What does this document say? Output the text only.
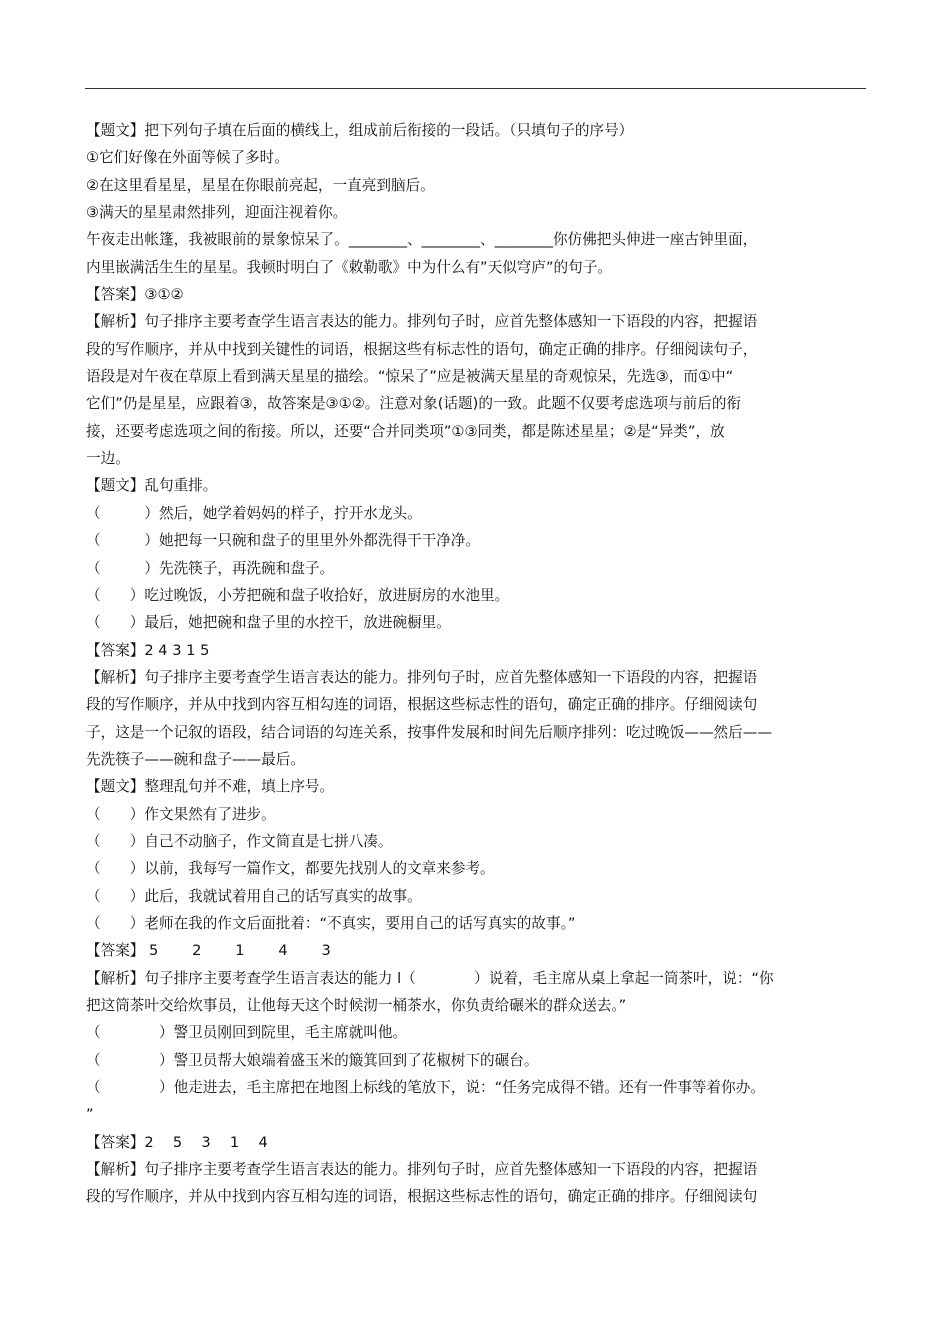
【题文】把下列句子填在后面的横线上，组成前后衔接的一段话。（只填句子的序号）
①它们好像在外面等候了多时。
②在这里看星星，星星在你眼前亮起，一直亮到脑后。
③满天的星星肃然排列，迎面注视着你。
午夜走出帐篷，我被眼前的景象惊呆了。________、________、________你仿佛把头伸进一座古钟里面，
内里嵌满活生生的星星。我顿时明白了《敕勒歌》中为什么有”天似穹庐”的句子。
【答案】③①②
【解析】句子排序主要考查学生语言表达的能力。排列句子时，应首先整体感知一下语段的内容，把握语
段的写作顺序，并从中找到关键性的词语，根据这些有标志性的语句，确定正确的排序。仔细阅读句子，
语段是对午夜在草原上看到满天星星的描绘。“惊呆了”应是被满天星星的奇观惊呆，先选③，而①中“
它们”仍是星星，应跟着③，故答案是③①②。注意对象(话题)的一致。此题不仅要考虑选项与前后的衔
接，还要考虑选项之间的衔接。所以，还要“合并同类项”①③同类，都是陈述星星；②是“异类”，放
一边。
【题文】乱句重排。
（　　　）然后，她学着妈妈的样子，拧开水龙头。
（　　　）她把每一只碗和盘子的里里外外都洗得干干净净。
（　　　）先洗筷子，再洗碗和盘子。
（　　）吃过晚饭，小芳把碗和盘子收拾好，放进厨房的水池里。
（　　）最后，她把碗和盘子里的水控干，放进碗橱里。
【答案】2 4 3 1 5
【解析】句子排序主要考查学生语言表达的能力。排列句子时，应首先整体感知一下语段的内容，把握语
段的写作顺序，并从中找到内容互相勾连的词语，根据这些标志性的语句，确定正确的排序。仔细阅读句
子，这是一个记叙的语段，结合词语的勾连关系，按事件发展和时间先后顺序排列：吃过晚饭——然后——
先洗筷子——碗和盘子——最后。
【题文】整理乱句并不难，填上序号。
（　　）作文果然有了进步。
（　　）自己不动脑子，作文简直是七拼八凑。
（　　）以前，我每写一篇作文，都要先找别人的文章来参考。
（　　）此后，我就试着用自己的话写真实的故事。
（　　）老师在我的作文后面批着：“不真实，要用自己的话写真实的故事。”
【答案】 5　　 2　　 1　　 4　　 3
【解析】句子排序主要考查学生语言表达的能力 l（　　　　）说着，毛主席从桌上拿起一筒茶叶，说：“你
把这筒茶叶交给炊事员，让他每天这个时候沏一桶茶水，你负责给碾米的群众送去。”
（　　　　）警卫员刚回到院里，毛主席就叫他。
（　　　　）警卫员帮大娘端着盛玉米的簸箕回到了花椒树下的碾台。
（　　　　）他走进去，毛主席把在地图上标线的笔放下，说：“任务完成得不错。还有一件事等着你办。
”
【答案】2　 5　 3　 1　 4
【解析】句子排序主要考查学生语言表达的能力。排列句子时，应首先整体感知一下语段的内容，把握语
段的写作顺序，并从中找到内容互相勾连的词语，根据这些标志性的语句，确定正确的排序。仔细阅读句
